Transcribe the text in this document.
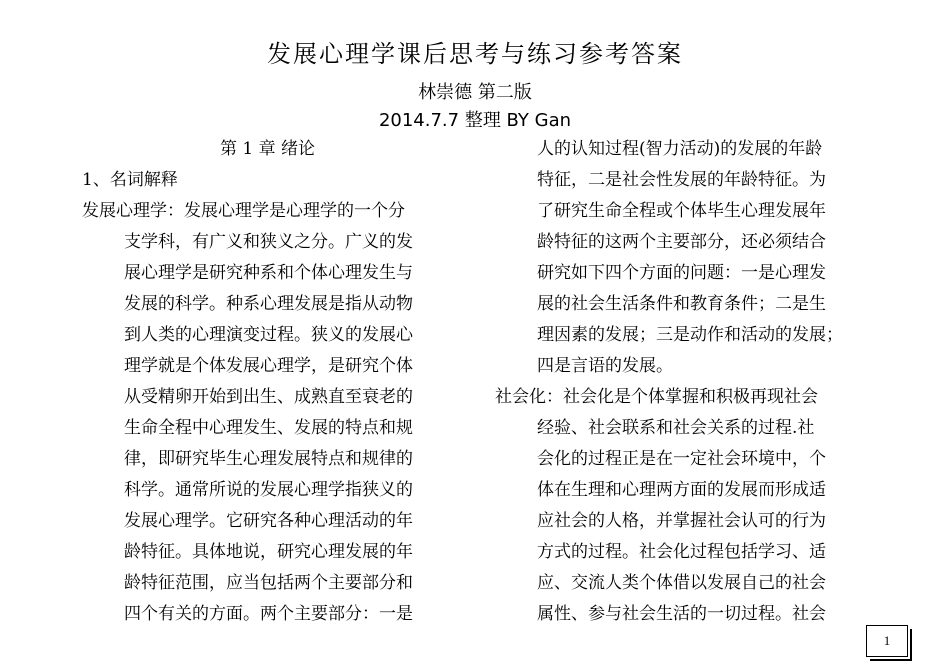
发展心理学课后思考与练习参考答案
林崇德 第二版
2014.7.7 整理 BY Gan
第 1 章 绪论
1、名词解释
发展心理学：发展心理学是心理学的一个分
支学科，有广义和狭义之分。广义的发
展心理学是研究种系和个体心理发生与
发展的科学。种系心理发展是指从动物
到人类的心理演变过程。狭义的发展心
理学就是个体发展心理学，是研究个体
从受精卵开始到出生、成熟直至衰老的
生命全程中心理发生、发展的特点和规
律，即研究毕生心理发展特点和规律的
科学。通常所说的发展心理学指狭义的
发展心理学。它研究各种心理活动的年
龄特征。具体地说，研究心理发展的年
龄特征范围，应当包括两个主要部分和
四个有关的方面。两个主要部分：一是
人的认知过程(智力活动)的发展的年龄
特征，二是社会性发展的年龄特征。为
了研究生命全程或个体毕生心理发展年
龄特征的这两个主要部分，还必须结合
研究如下四个方面的问题：一是心理发
展的社会生活条件和教育条件；二是生
理因素的发展；三是动作和活动的发展；
四是言语的发展。
社会化：社会化是个体掌握和积极再现社会
经验、社会联系和社会关系的过程.社
会化的过程正是在一定社会环境中，个
体在生理和心理两方面的发展而形成适
应社会的人格，并掌握社会认可的行为
方式的过程。社会化过程包括学习、适
应、交流人类个体借以发展自己的社会
属性、参与社会生活的一切过程。社会
1
